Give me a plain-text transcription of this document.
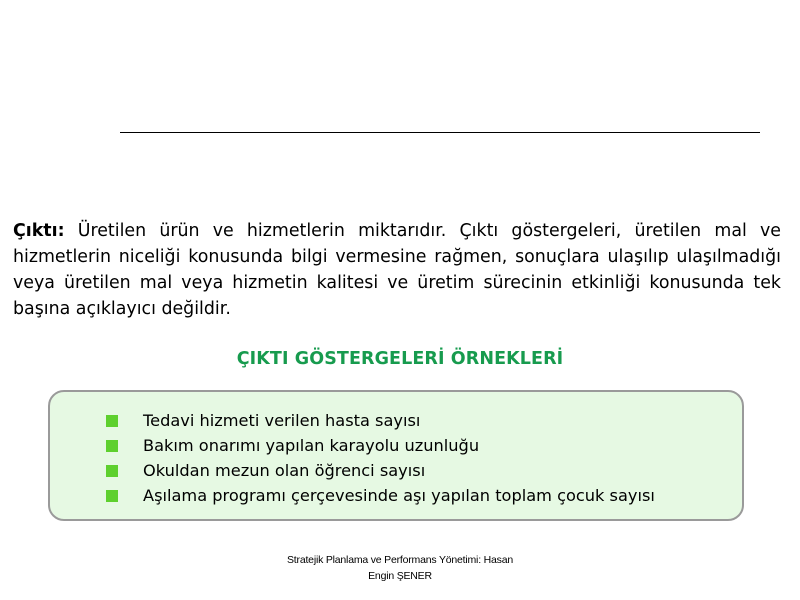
Çıktı: Üretilen ürün ve hizmetlerin miktarıdır. Çıktı göstergeleri, üretilen mal ve hizmetlerin niceliği konusunda bilgi vermesine rağmen, sonuçlara ulaşılıp ulaşılmadığı veya üretilen mal veya hizmetin kalitesi ve üretim sürecinin etkinliği konusunda tek başına açıklayıcı değildir.

ÇIKTI GÖSTERGELERİ ÖRNEKLERİ
Tedavi hizmeti verilen hasta sayısı
Bakım onarımı yapılan karayolu uzunluğu
Okuldan mezun olan öğrenci sayısı
Aşılama programı çerçevesinde aşı yapılan toplam çocuk sayısı
Stratejik Planlama ve Performans Yönetimi: Hasan
Engin ŞENER
